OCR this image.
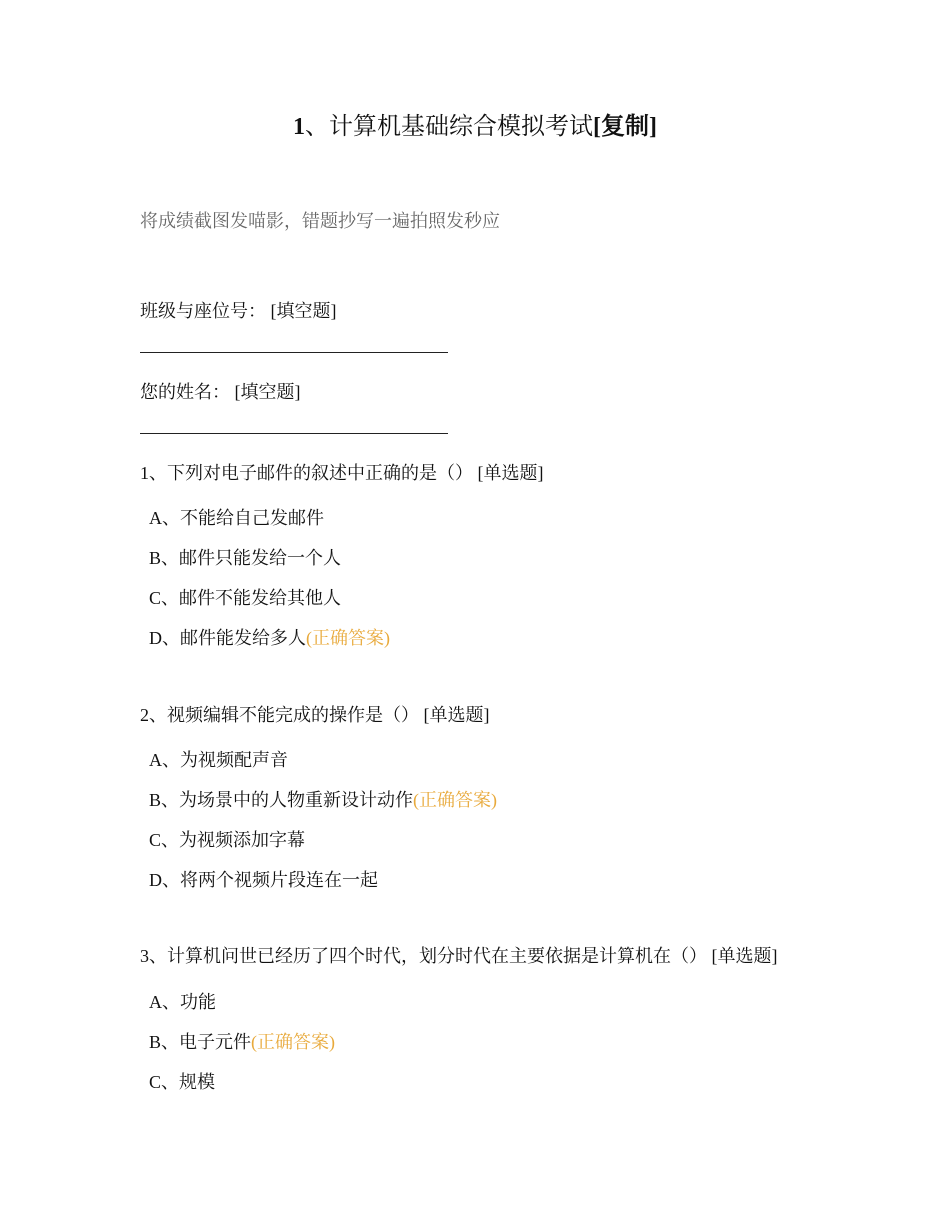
1、计算机基础综合模拟考试[复制]
将成绩截图发喵影，错题抄写一遍拍照发秒应
班级与座位号： [填空题]
您的姓名： [填空题]
1、下列对电子邮件的叙述中正确的是（） [单选题]
A、不能给自己发邮件
B、邮件只能发给一个人
C、邮件不能发给其他人
D、邮件能发给多人(正确答案)
2、视频编辑不能完成的操作是（） [单选题]
A、为视频配声音
B、为场景中的人物重新设计动作(正确答案)
C、为视频添加字幕
D、将两个视频片段连在一起
3、计算机问世已经历了四个时代，划分时代在主要依据是计算机在（） [单选题]
A、功能
B、电子元件(正确答案)
C、规模
